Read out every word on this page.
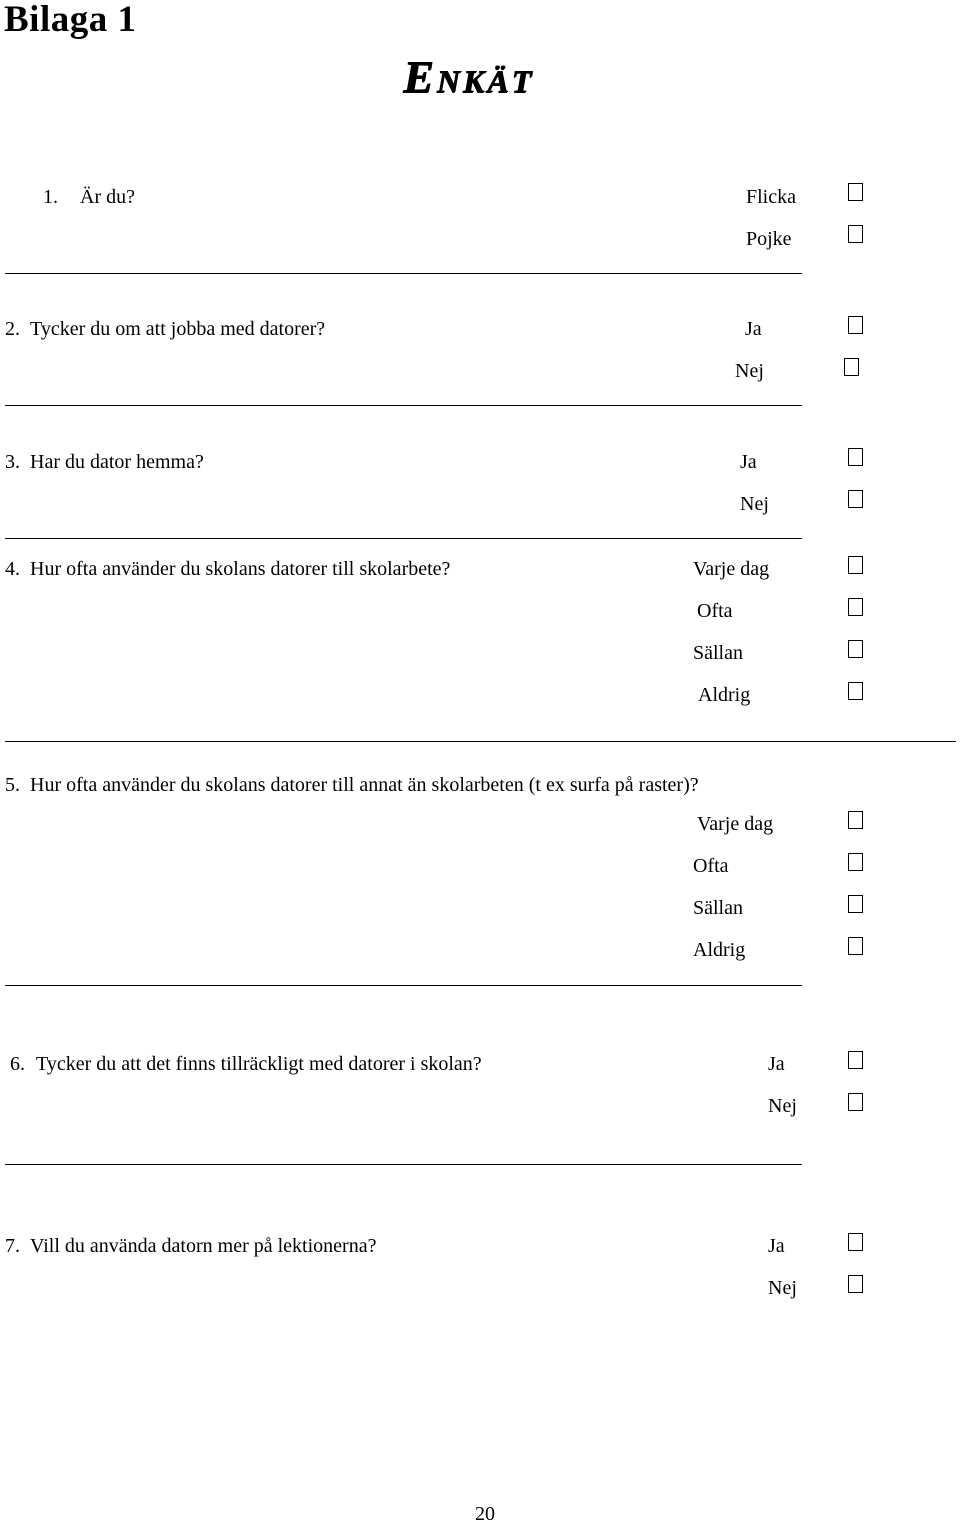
Bilaga 1
Enkät
1. Är du?	Flicka
Pojke
2. Tycker du om att jobba med datorer?	Ja
Nej
3. Har du dator hemma?	Ja
Nej
4. Hur ofta använder du skolans datorer till skolarbete?	Varje dag
Ofta
Sällan
Aldrig
5. Hur ofta använder du skolans datorer till annat än skolarbeten (t ex surfa på raster)?
Varje dag
Ofta
Sällan
Aldrig
6. Tycker du att det finns tillräckligt med datorer i skolan?	Ja
Nej
7. Vill du använda datorn mer på lektionerna?	Ja
Nej
20
